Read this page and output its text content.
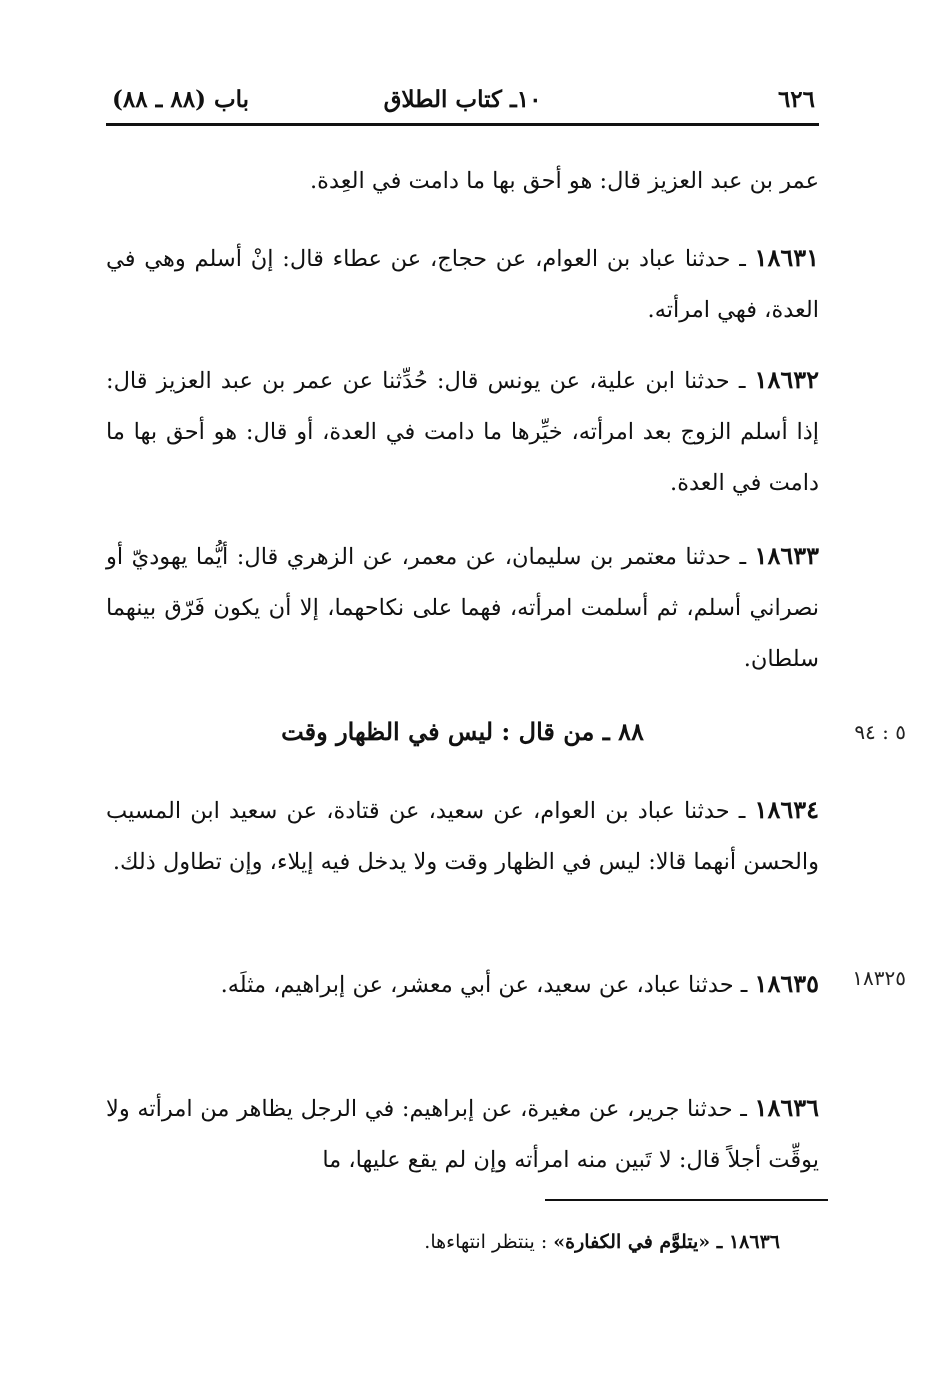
٦٢٦
١٠ـ كتاب الطلاق
باب (٨٨ ـ ٨٨)
عمر بن عبد العزيز قال: هو أحق بها ما دامت في العِدة.
١٨٦٣١ ـ حدثنا عباد بن العوام، عن حجاج، عن عطاء قال: إنْ أسلم وهي في العدة، فهي امرأته.
١٨٦٣٢ ـ حدثنا ابن علية، عن يونس قال: حُدِّثنا عن عمر بن عبد العزيز قال: إذا أسلم الزوج بعد امرأته، خيِّرها ما دامت في العدة، أو قال: هو أحق بها ما دامت في العدة.
١٨٦٣٣ ـ حدثنا معتمر بن سليمان، عن معمر، عن الزهري قال: أيُّما يهوديّ أو نصراني أسلم، ثم أسلمت امرأته، فهما على نكاحهما، إلا أن يكون فَرّق بينهما سلطان.
٨٨ ـ من قال : ليس في الظهار وقت	٥ : ٩٤
١٨٦٣٤ ـ حدثنا عباد بن العوام، عن سعيد، عن قتادة، عن سعيد ابن المسيب والحسن أنهما قالا: ليس في الظهار وقت ولا يدخل فيه إيلاء، وإن تطاول ذلك.
١٨٦٣٥ ـ حدثنا عباد، عن سعيد، عن أبي معشر، عن إبراهيم، مثلَه.	١٨٣٢٥
١٨٦٣٦ ـ حدثنا جرير، عن مغيرة، عن إبراهيم: في الرجل يظاهر من امرأته ولا يوقِّت أجلاً قال: لا تَبين منه امرأته وإن لم يقع عليها، ما
١٨٦٣٦ ـ «يتلوَّم في الكفارة» : ينتظر انتهاءها.
